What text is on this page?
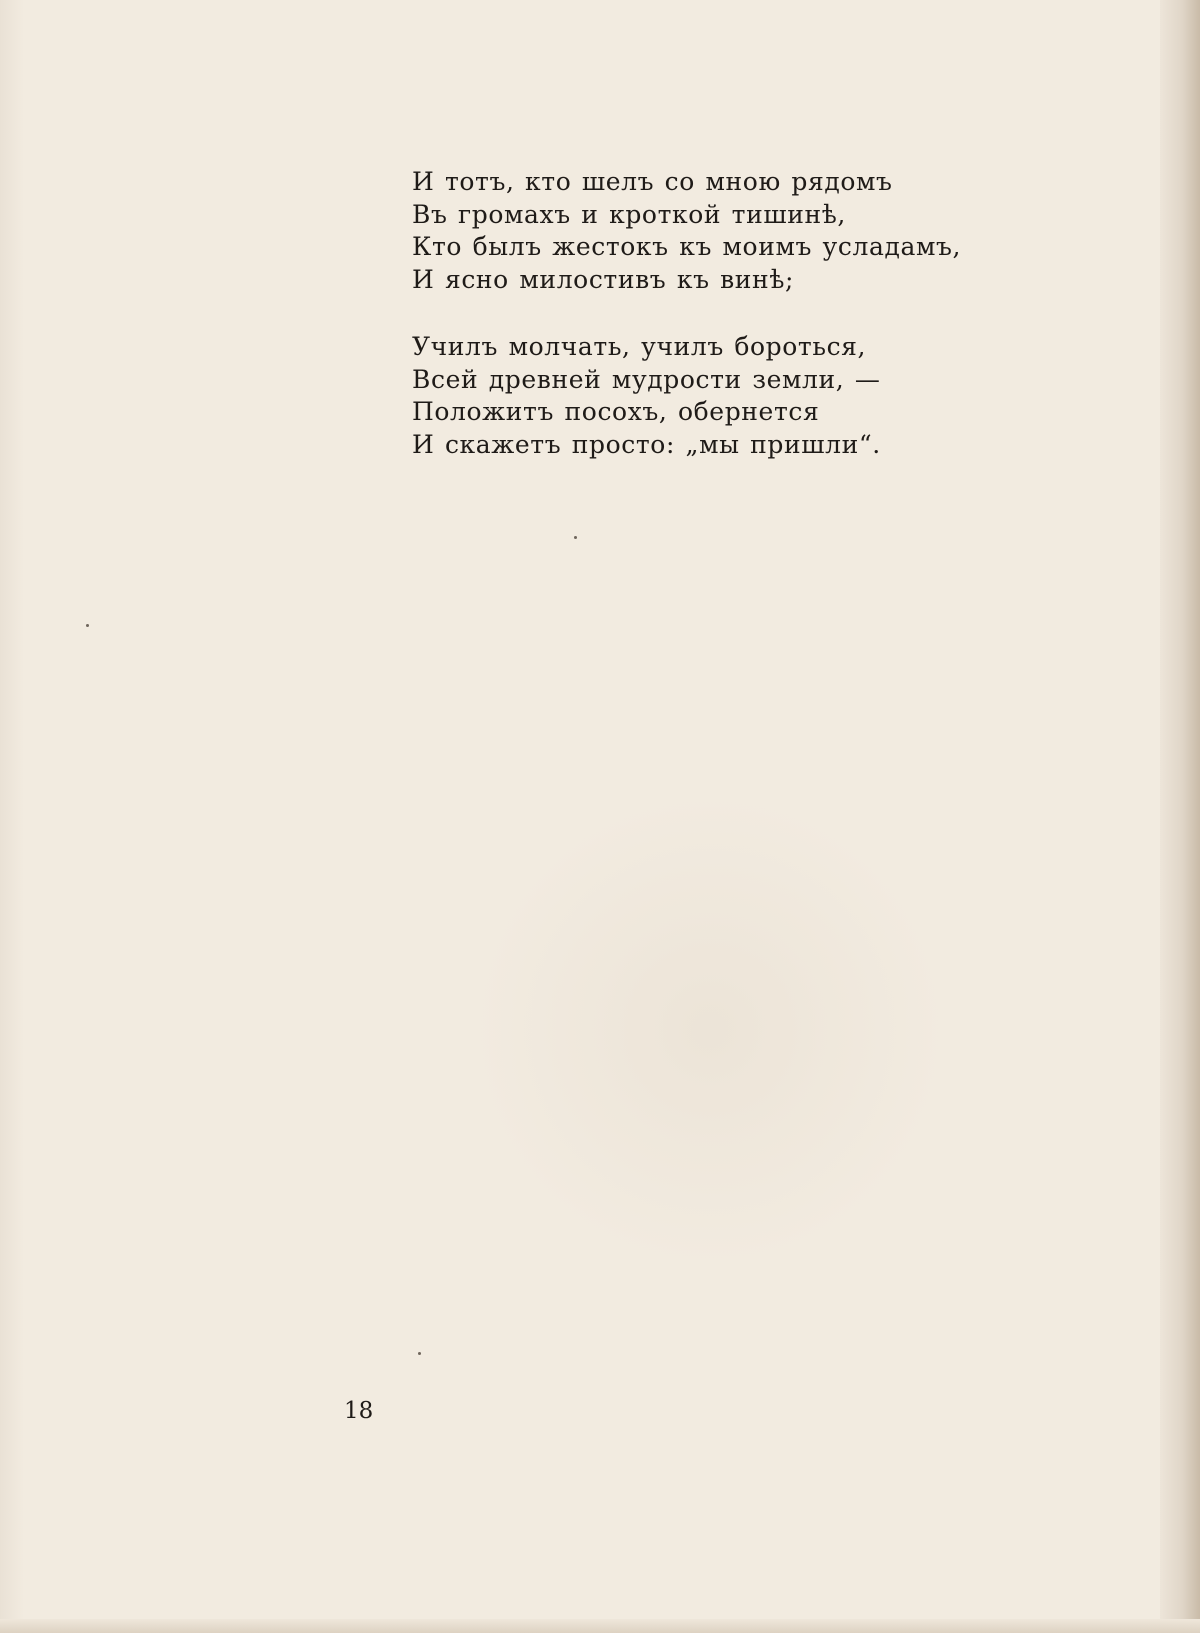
И тотъ, кто шелъ со мною рядомъ
Въ громахъ и кроткой тишинѣ,
Кто былъ жестокъ къ моимъ усладамъ,
И ясно милостивъ къ винѣ;
Училъ молчать, училъ бороться,
Всей древней мудрости земли, —
Положитъ посохъ, обернется
И скажетъ просто: „мы пришли“.
18
